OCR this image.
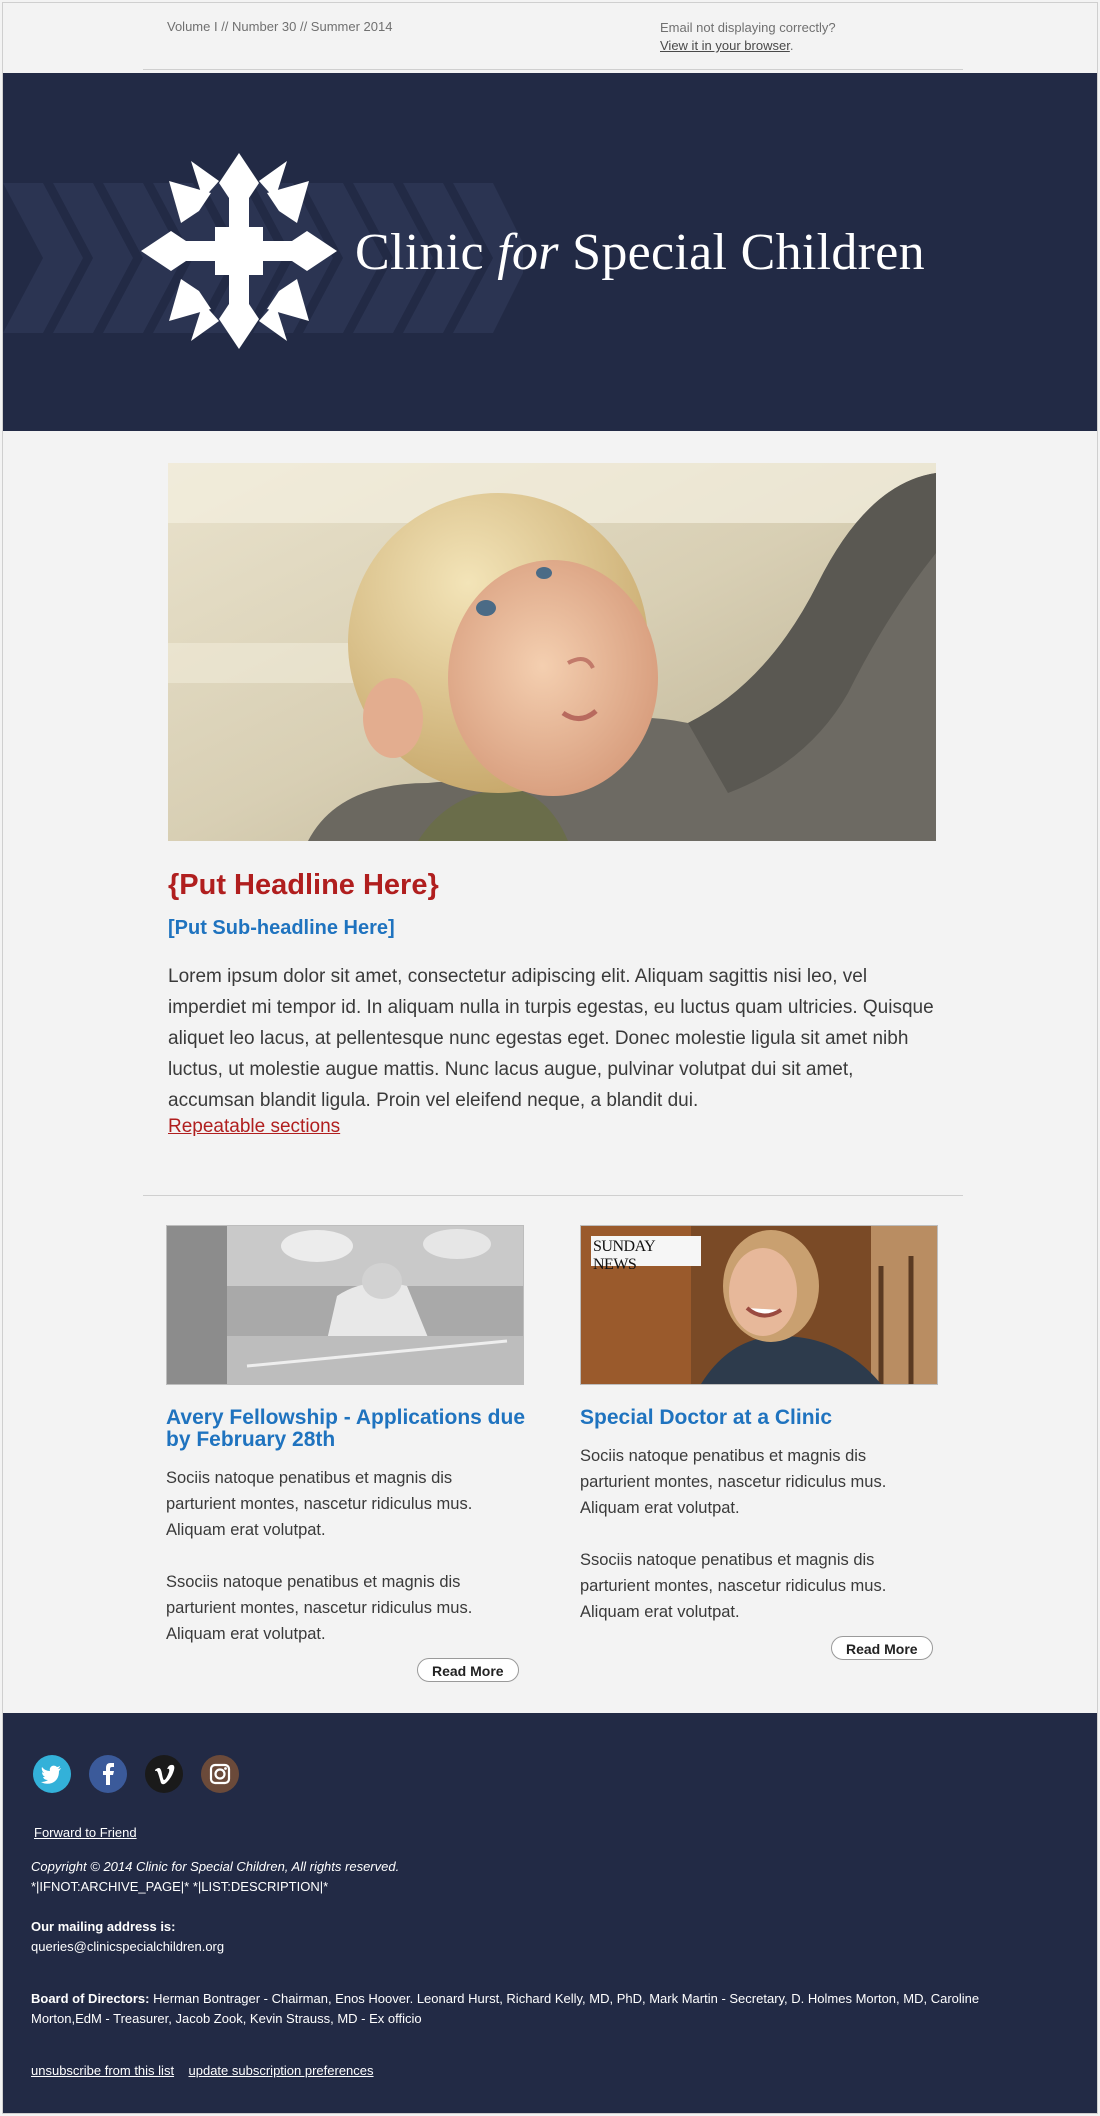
Volume I // Number 30 // Summer 2014	Email not displaying correctly?
View it in your browser.
Clinic for Special Children
{Put Headline Here}
[Put Sub-headline Here]
Lorem ipsum dolor sit amet, consectetur adipiscing elit. Aliquam sagittis nisi leo, vel imperdiet mi tempor id. In aliquam nulla in turpis egestas, eu luctus quam ultricies. Quisque aliquet leo lacus, at pellentesque nunc egestas eget. Donec molestie ligula sit amet nibh luctus, ut molestie augue mattis. Nunc lacus augue, pulvinar volutpat dui sit amet, accumsan blandit ligula. Proin vel eleifend neque, a blandit dui.
Repeatable sections
Avery Fellowship - Applications due by February 28th

Sociis natoque penatibus et magnis dis parturient montes, nascetur ridiculus mus. Aliquam erat volutpat.

Ssociis natoque penatibus et magnis dis parturient montes, nascetur ridiculus mus. Aliquam erat volutpat.

Read More
SUNDAY NEWS
Special Doctor at a Clinic

Sociis natoque penatibus et magnis dis parturient montes, nascetur ridiculus mus. Aliquam erat volutpat.

Ssociis natoque penatibus et magnis dis parturient montes, nascetur ridiculus mus. Aliquam erat volutpat.

Read More
Forward to Friend
Copyright © 2014 Clinic for Special Children, All rights reserved.
*|IFNOT:ARCHIVE_PAGE|* *|LIST:DESCRIPTION|*
Our mailing address is:
queries@clinicspecialchildren.org
Board of Directors: Herman Bontrager - Chairman, Enos Hoover. Leonard Hurst, Richard Kelly, MD, PhD, Mark Martin - Secretary, D. Holmes Morton, MD, Caroline Morton,EdM - Treasurer, Jacob Zook, Kevin Strauss, MD - Ex officio
unsubscribe from this list update subscription preferences
